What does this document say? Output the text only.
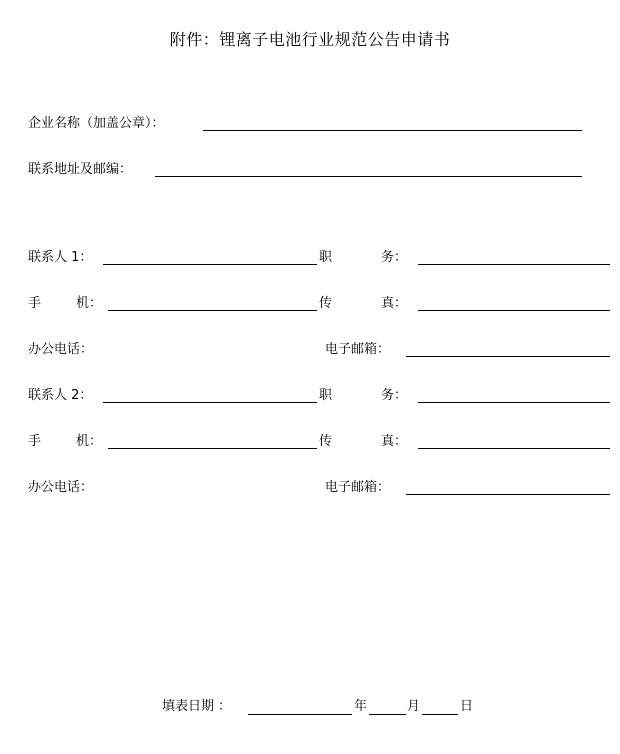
附件：锂离子电池行业规范公告申请书
企业名称（加盖公章）：
联系地址及邮编：
联系人 1：	职	务：
手	机：	传	真：
办公电话：	电子邮箱：
联系人 2：	职	务：
手	机：	传	真：
办公电话：	电子邮箱：
填表日期 ：	年	月	日
